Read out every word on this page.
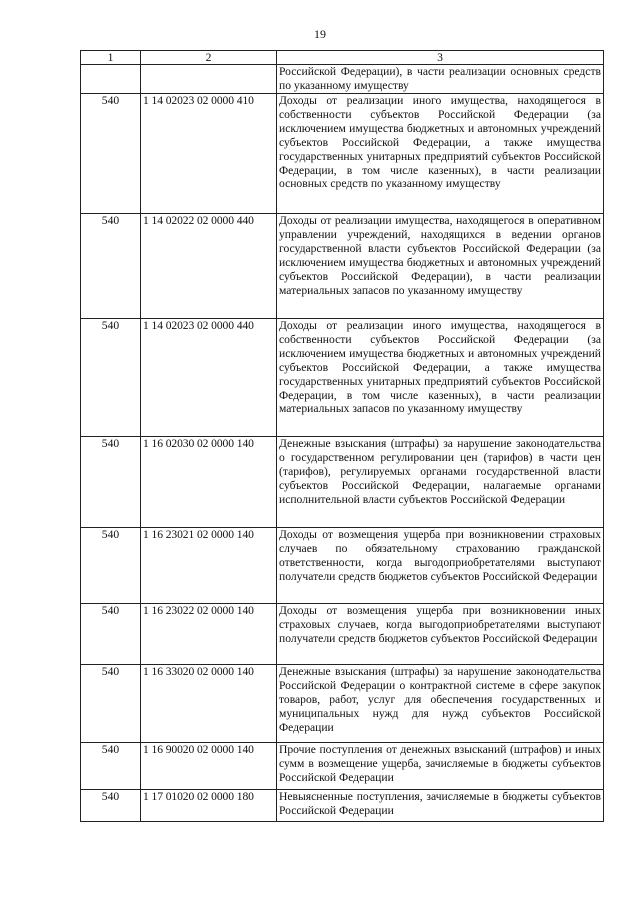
19
1	2	3
		Российской Федерации), в части реализации основных средств по указанному имуществу
540	1 14 02023 02 0000 410	Доходы от реализации иного имущества, находящегося в собственности субъектов Российской Федерации (за исключением имущества бюджетных и автономных учреждений субъектов Российской Федерации, а также имущества государственных унитарных предприятий субъектов Российской Федерации, в том числе казенных), в части реализации основных средств по указанному имуществу
540	1 14 02022 02 0000 440	Доходы от реализации имущества, находящегося в оперативном управлении учреждений, находящихся в ведении органов государственной власти субъектов Российской Федерации (за исключением имущества бюджетных и автономных учреждений субъектов Российской Федерации), в части реализации материальных запасов по указанному имуществу
540	1 14 02023 02 0000 440	Доходы от реализации иного имущества, находящегося в собственности субъектов Российской Федерации (за исключением имущества бюджетных и автономных учреждений субъектов Российской Федерации, а также имущества государственных унитарных предприятий субъектов Российской Федерации, в том числе казенных), в части реализации материальных запасов по указанному имуществу
540	1 16 02030 02 0000 140	Денежные взыскания (штрафы) за нарушение законодательства о государственном регулировании цен (тарифов) в части цен (тарифов), регулируемых органами государственной власти субъектов Российской Федерации, налагаемые органами исполнительной власти субъектов Российской Федерации
540	1 16 23021 02 0000 140	Доходы от возмещения ущерба при возникновении страховых случаев по обязательному страхованию гражданской ответственности, когда выгодоприобретателями выступают получатели средств бюджетов субъектов Российской Федерации
540	1 16 23022 02 0000 140	Доходы от возмещения ущерба при возникновении иных страховых случаев, когда выгодоприобретателями выступают получатели средств бюджетов субъектов Российской Федерации
540	1 16 33020 02 0000 140	Денежные взыскания (штрафы) за нарушение законодательства Российской Федерации о контрактной системе в сфере закупок товаров, работ, услуг для обеспечения государственных и муниципальных нужд для нужд субъектов Российской Федерации
540	1 16 90020 02 0000 140	Прочие поступления от денежных взысканий (штрафов) и иных сумм в возмещение ущерба, зачисляемые в бюджеты субъектов Российской Федерации
540	1 17 01020 02 0000 180	Невыясненные поступления, зачисляемые в бюджеты субъектов Российской Федерации
